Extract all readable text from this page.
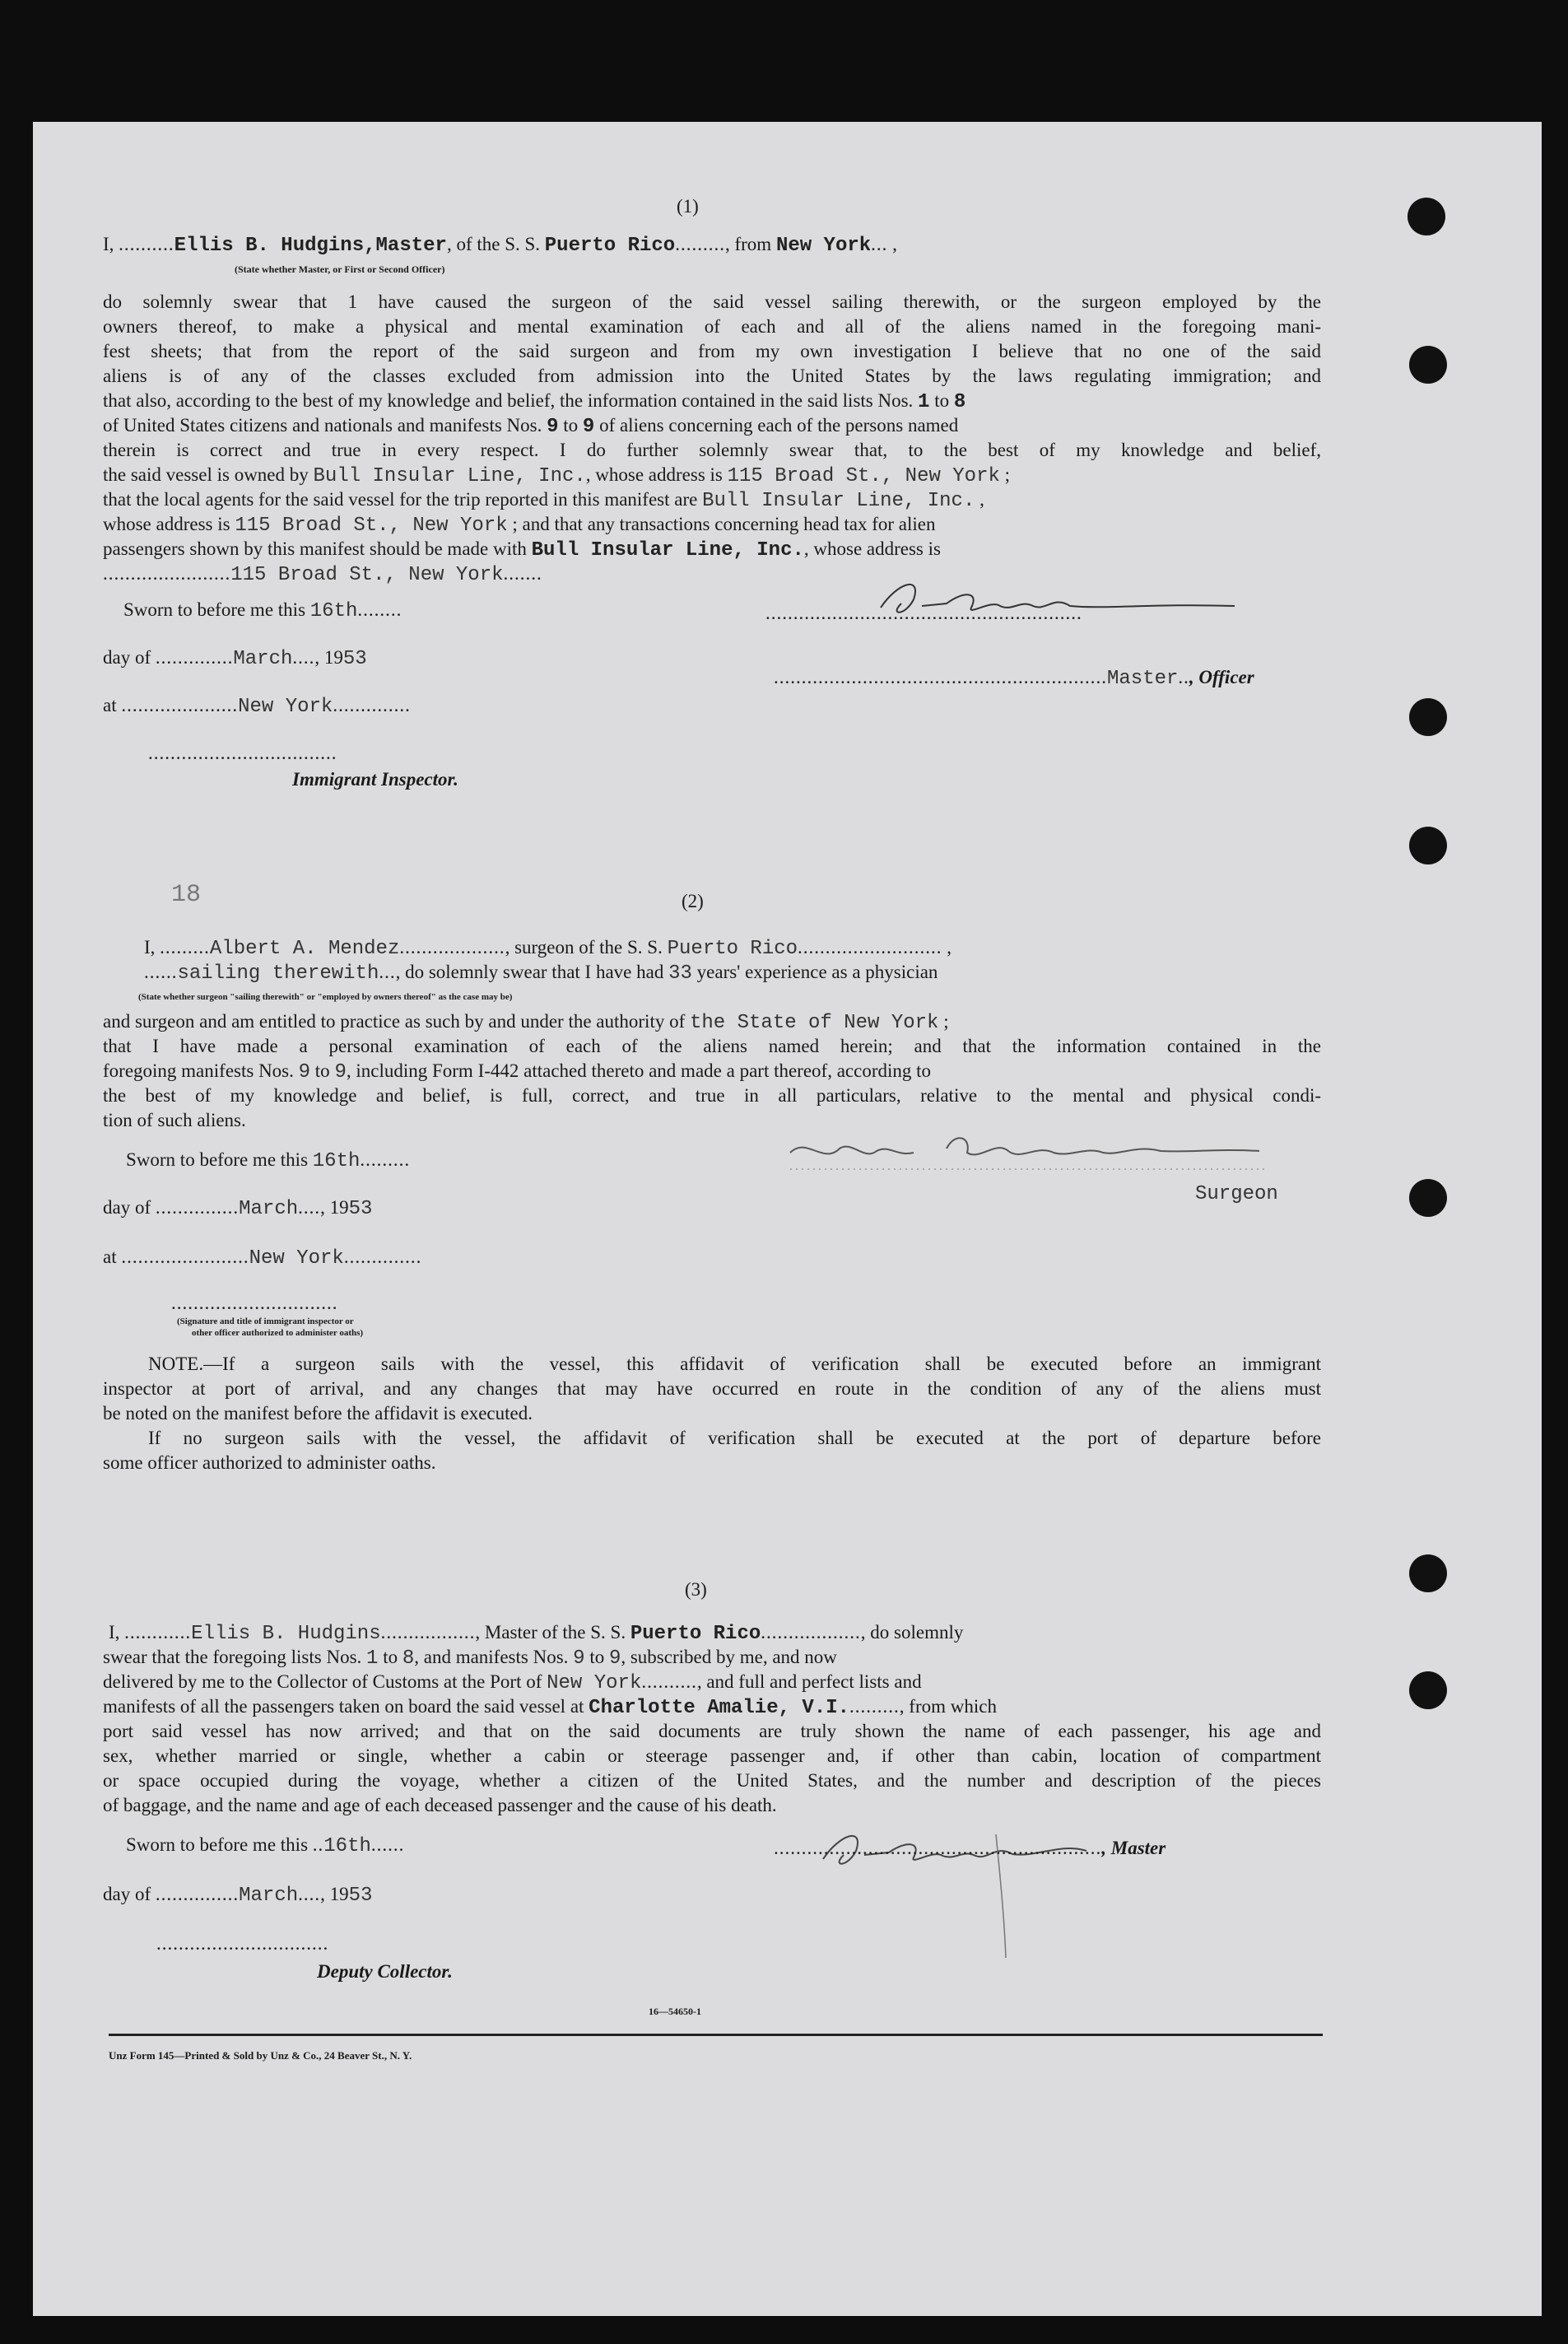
(1)
I, ..........Ellis B. Hudgins,Master, of the S. S. Puerto Rico........., from New York... ,
(State whether Master, or First or Second Officer)
do solemnly swear that 1 have caused the surgeon of the said vessel sailing therewith, or the surgeon employed by the
owners thereof, to make a physical and mental examination of each and all of the aliens named in the foregoing mani-
fest sheets; that from the report of the said surgeon and from my own investigation I believe that no one of the said
aliens is of any of the classes excluded from admission into the United States by the laws regulating immigration; and
that also, according to the best of my knowledge and belief, the information contained in the said lists Nos. 1 to 8
of United States citizens and nationals and manifests Nos. 9 to 9 of aliens concerning each of the persons named
therein is correct and true in every respect. I do further solemnly swear that, to the best of my knowledge and belief,
the said vessel is owned by Bull Insular Line, Inc., whose address is 115 Broad St., New York ;
that the local agents for the said vessel for the trip reported in this manifest are Bull Insular Line, Inc. ,
whose address is 115 Broad St., New York ; and that any transactions concerning head tax for alien
passengers shown by this manifest should be made with Bull Insular Line, Inc., whose address is
.......................115 Broad St., New York.......
Sworn to before me this 16th........
day of ..............March...., 1953
at .....................New York..............
..................................
Immigrant Inspector.
.........................................................
............................................................Master.., Officer
18	(2)
I, .........Albert A. Mendez..................., surgeon of the S. S. Puerto Rico.......................... ,
......sailing therewith..., do solemnly swear that I have had 33 years' experience as a physician
(State whether surgeon "sailing therewith" or "employed by owners thereof" as the case may be)
and surgeon and am entitled to practice as such by and under the authority of the State of New York ;
that I have made a personal examination of each of the aliens named herein; and that the information contained in the
foregoing manifests Nos. 9 to 9, including Form I-442 attached thereto and made a part thereof, according to
the best of my knowledge and belief, is full, correct, and true in all particulars, relative to the mental and physical condi-
tion of such aliens.
Sworn to before me this 16th.........
day of ...............March...., 1953
at .......................New York..............
..............................
(Signature and title of immigrant inspector or
other officer authorized to administer oaths)
Surgeon
NOTE.—If a surgeon sails with the vessel, this affidavit of verification shall be executed before an immigrant
inspector at port of arrival, and any changes that may have occurred en route in the condition of any of the aliens must
be noted on the manifest before the affidavit is executed.
If no surgeon sails with the vessel, the affidavit of verification shall be executed at the port of departure before
some officer authorized to administer oaths.
(3)
I, ............Ellis B. Hudgins................., Master of the S. S. Puerto Rico.................., do solemnly
swear that the foregoing lists Nos. 1 to 8, and manifests Nos. 9 to 9, subscribed by me, and now
delivered by me to the Collector of Customs at the Port of New York.........., and full and perfect lists and
manifests of all the passengers taken on board the said vessel at Charlotte Amalie, V.I.........., from which
port said vessel has now arrived; and that on the said documents are truly shown the name of each passenger, his age and
sex, whether married or single, whether a cabin or steerage passenger and, if other than cabin, location of compartment
or space occupied during the voyage, whether a citizen of the United States, and the number and description of the pieces
of baggage, and the name and age of each deceased passenger and the cause of his death.
Sworn to before me this ..16th......
day of ...............March...., 1953
...............................
Deputy Collector.
..........................................................., Master
16—54650-1
Unz Form 145—Printed & Sold by Unz & Co., 24 Beaver St., N. Y.
